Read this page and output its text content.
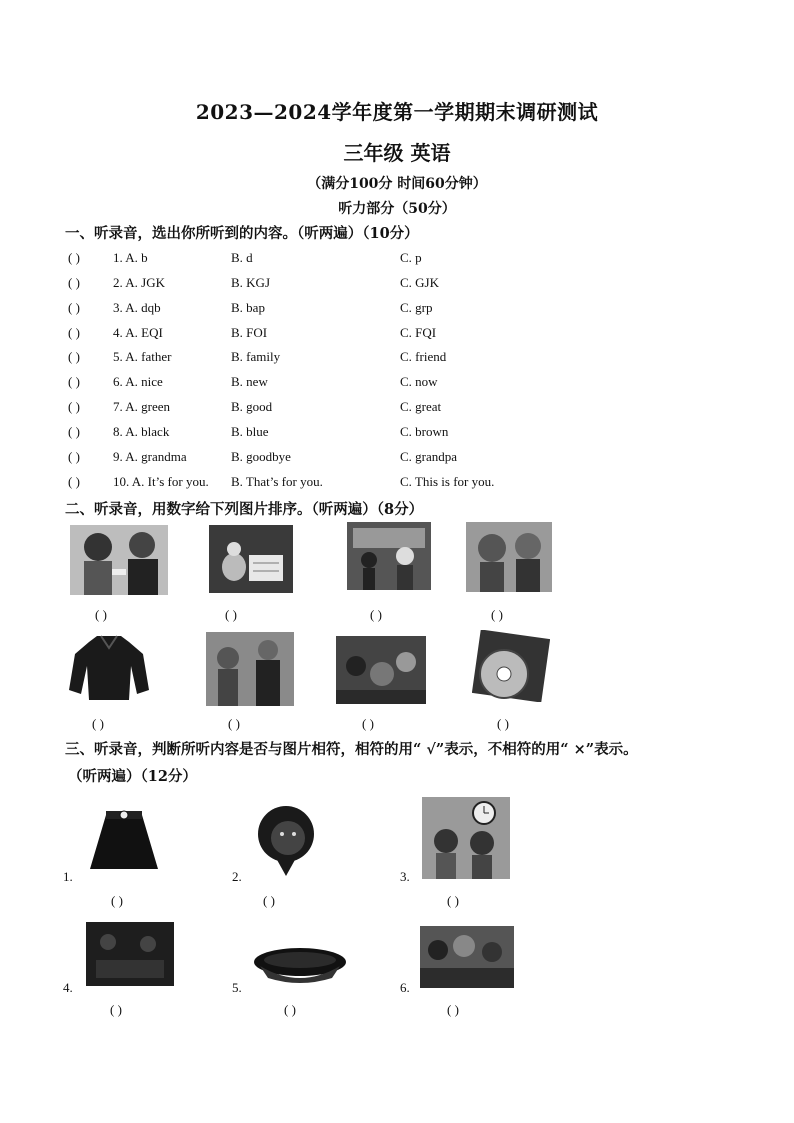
2023—2024学年度第一学期期末调研测试
三年级 英语
（满分100分 时间60分钟）
听力部分（50分）
一、听录音，选出你所听到的内容。（听两遍）（10分）
( )	1. A. b	B. d	C. p
( )	2. A. JGK	B. KGJ	C. GJK
( )	3. A. dqb	B. bap	C. grp
( )	4. A. EQI	B. FOI	C. FQI
( )	5. A. father	B. family	C. friend
( )	6. A. nice	B. new	C. now
( )	7. A. green	B. good	C. great
( )	8. A. black	B. blue	C. brown
( )	9. A. grandma	B. goodbye	C. grandpa
( )	10. A. It’s for you. B. That’s for you.	C. This is for you.
二、听录音，用数字给下列图片排序。（听两遍）（8分）
( )	( )	( )	( )
( )	( )	( )	( )
三、听录音，判断所听内容是否与图片相符，相符的用“ √”表示，不相符的用“ ×”表示。
（听两遍）（12分）
1.
( )
2.
( )
3.
( )
4.
( )
5.
( )
6.
( )
